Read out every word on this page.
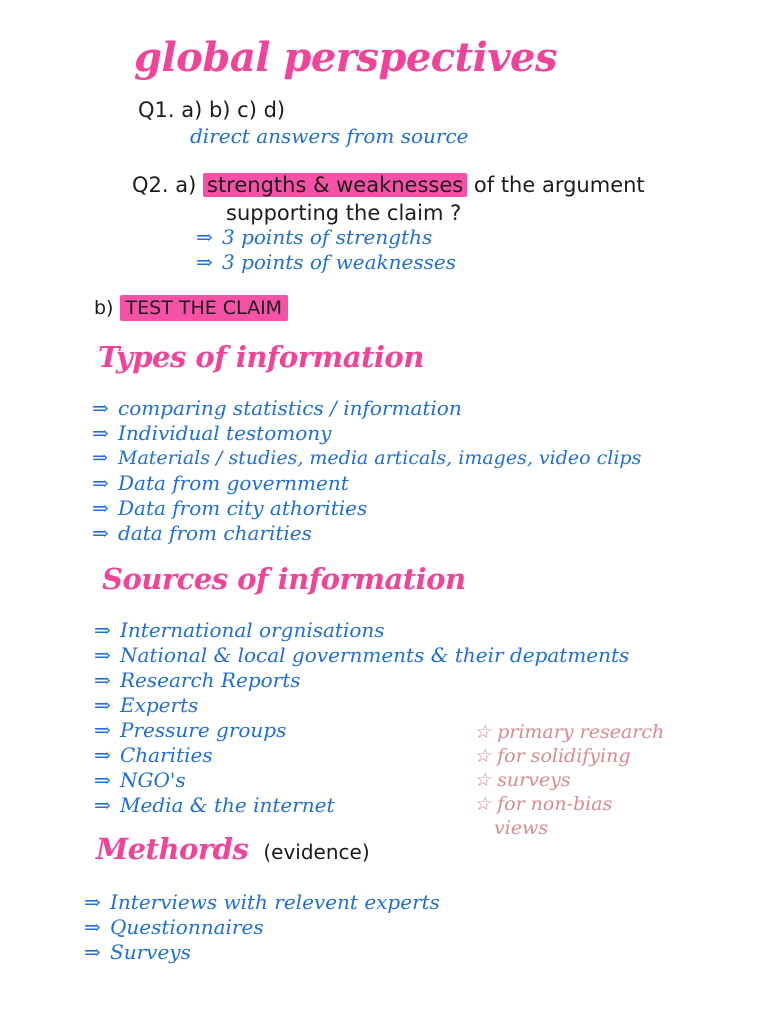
global perspectives
Q1. a) b) c) d)
direct answers from source
Q2. a) strengths & weaknesses of the argument
supporting the claim ?
⇒ 3 points of strengths
⇒ 3 points of weaknesses
b) TEST THE CLAIM
Types of information
⇒ comparing statistics / information
⇒ Individual testomony
⇒ Materials / studies, media articals, images, video clips
⇒ Data from government
⇒ Data from city athorities
⇒ data from charities
Sources of information
⇒ International orgnisations
⇒ National & local governments & their depatments
⇒ Research Reports
⇒ Experts
⇒ Pressure groups
⇒ Charities
⇒ NGO's
⇒ Media & the internet
☆ primary research
☆ for solidifying
☆ surveys
☆ for non-bias
views
Methords (evidence)
⇒ Interviews with relevent experts
⇒ Questionnaires
⇒ Surveys
